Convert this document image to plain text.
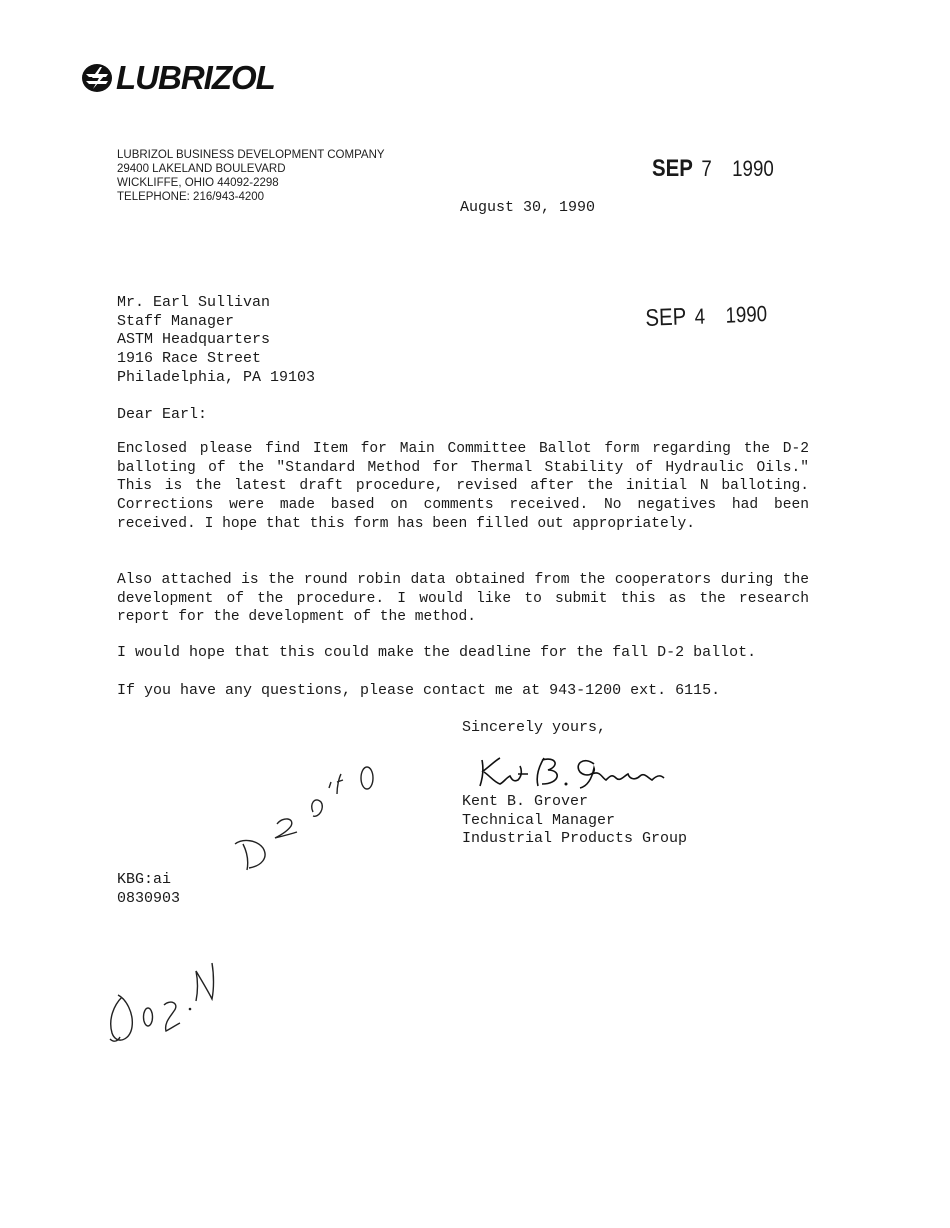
LUBRIZOL
LUBRIZOL BUSINESS DEVELOPMENT COMPANY
29400 LAKELAND BOULEVARD
WICKLIFFE, OHIO 44092-2298
TELEPHONE: 216/943-4200
SEP 7 1990
August 30, 1990
Mr. Earl Sullivan
Staff Manager
ASTM Headquarters
1916 Race Street
Philadelphia, PA 19103
SEP 4 1990
Dear Earl:
Enclosed please find Item for Main Committee Ballot form regarding the D-2 balloting of the "Standard Method for Thermal Stability of Hydraulic Oils." This is the latest draft procedure, revised after the initial N balloting. Corrections were made based on comments received. No negatives had been received. I hope that this form has been filled out appropriately.
Also attached is the round robin data obtained from the cooperators during the development of the procedure. I would like to submit this as the research report for the development of the method.
I would hope that this could make the deadline for the fall D-2 ballot.
If you have any questions, please contact me at 943-1200 ext. 6115.
Sincerely yours,
Kent B. Grover
Technical Manager
Industrial Products Group
KBG:ai
0830903
